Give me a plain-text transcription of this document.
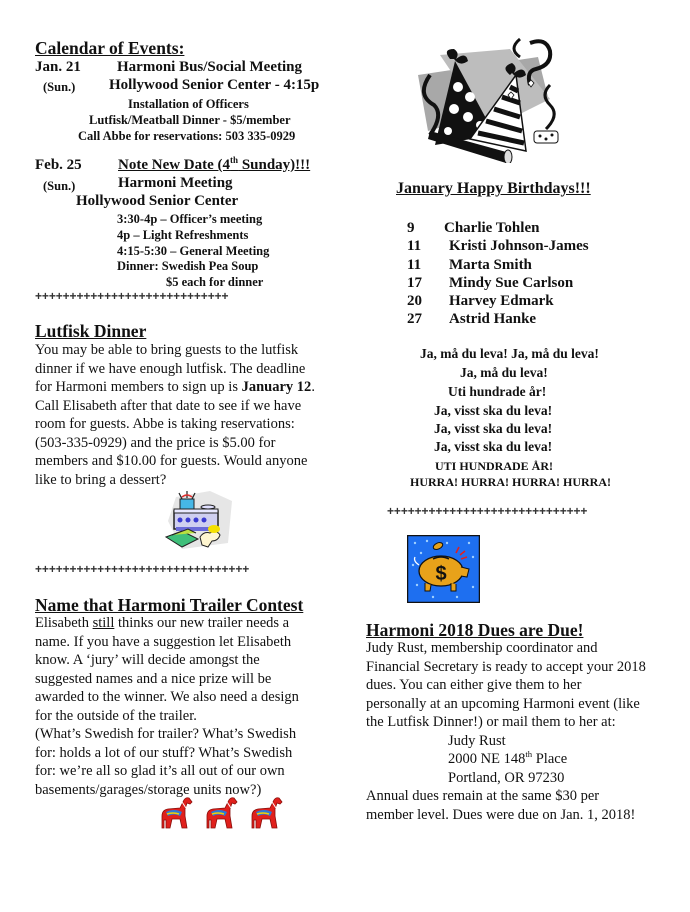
Calendar of Events:
Jan. 21 Harmoni Bus/Social Meeting
(Sun.) Hollywood Senior Center - 4:15p
Installation of Officers
Lutfisk/Meatball Dinner - $5/member
Call Abbe for reservations: 503 335-0929
Feb. 25 Note New Date (4th Sunday)!!!
(Sun.)	Harmoni Meeting
Hollywood Senior Center
3:30-4p – Officer’s meeting
4p – Light Refreshments
4:15-5:30 – General Meeting
Dinner: Swedish Pea Soup
$5 each for dinner
++++++++++++++++++++++++++++
Lutfisk Dinner
You may be able to bring guests to the lutfisk
dinner if we have enough lutfisk. The deadline
for Harmoni members to sign up is January 12.
Call Elisabeth after that date to see if we have
room for guests. Abbe is taking reservations:
(503-335-0929) and the price is $5.00 for
members and $10.00 for guests. Would anyone
like to bring a dessert?
+++++++++++++++++++++++++++++++
Name that Harmoni Trailer Contest
Elisabeth still thinks our new trailer needs a
name. If you have a suggestion let Elisabeth
know. A ‘jury’ will decide amongst the
suggested names and a nice prize will be
awarded to the winner. We also need a design
for the outside of the trailer.
(What’s Swedish for trailer? What’s Swedish
for: holds a lot of our stuff? What’s Swedish
for: we’re all so glad it’s all out of our own
basements/garages/storage units now?)
January Happy Birthdays!!!
9 Charlie Tohlen
11 Kristi Johnson-James
11 Marta Smith
17 Mindy Sue Carlson
20 Harvey Edmark
27 Astrid Hanke
Ja, må du leva! Ja, må du leva!
Ja, må du leva!
Uti hundrade år!
Ja, visst ska du leva!
Ja, visst ska du leva!
Ja, visst ska du leva!
UTI HUNDRADE ÅR!
HURRA! HURRA! HURRA! HURRA!
+++++++++++++++++++++++++++++
$
Harmoni 2018 Dues are Due!
Judy Rust, membership coordinator and
Financial Secretary is ready to accept your 2018
dues. You can either give them to her
personally at an upcoming Harmoni event (like
the Lutfisk Dinner!) or mail them to her at:
Judy Rust
2000 NE 148th Place
Portland, OR 97230
Annual dues remain at the same $30 per
member level. Dues were due on Jan. 1, 2018!
